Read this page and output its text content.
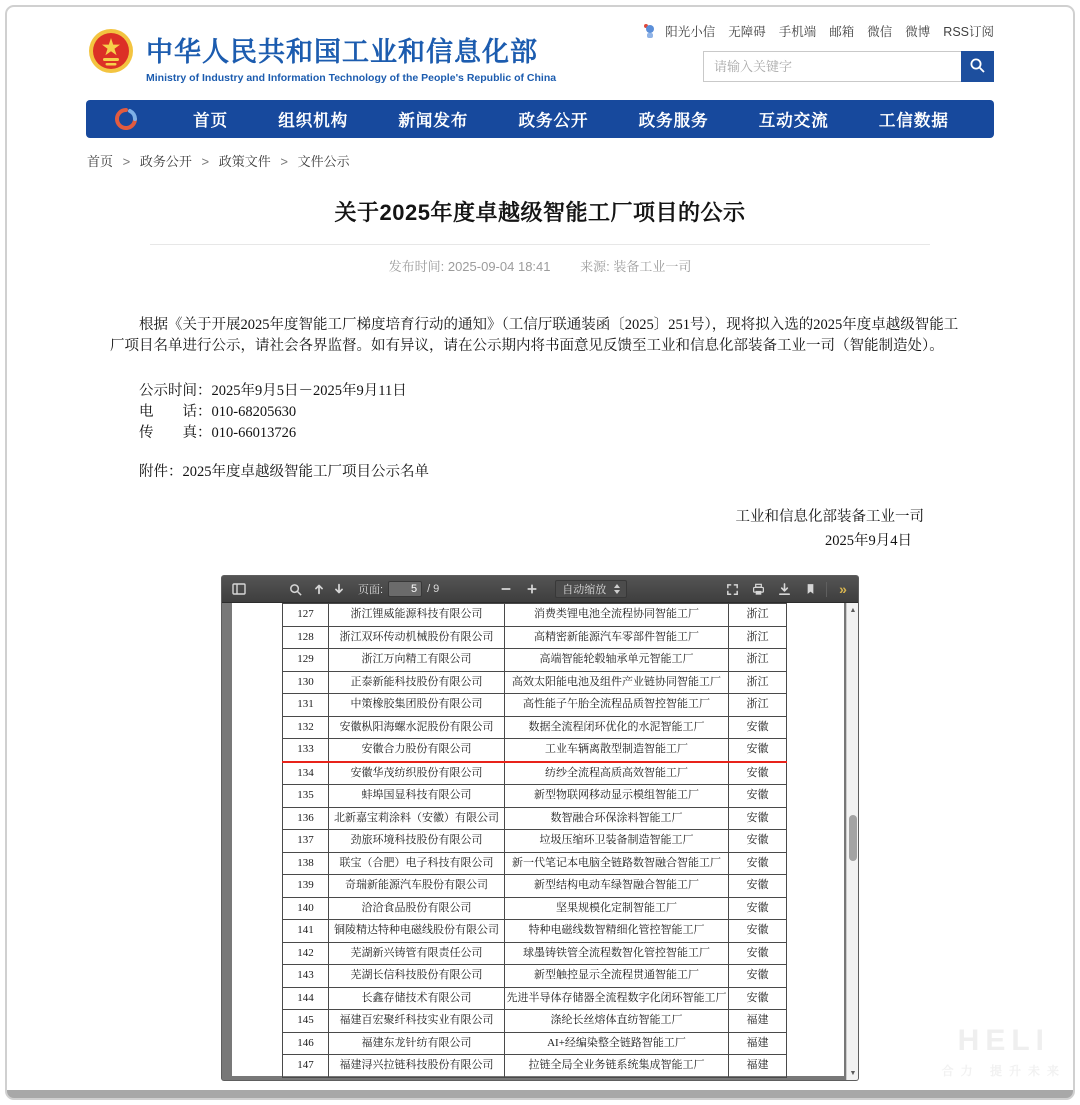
中华人民共和国工业和信息化部
Ministry of Industry and Information Technology of the People's Republic of China
阳光小信 无障碍 手机端 邮箱 微信 微博 RSS订阅
请输入关键字
首页	组织机构	新闻发布	政务公开	政务服务	互动交流	工信数据
首页 > 政务公开 > 政策文件 > 文件公示
关于2025年度卓越级智能工厂项目的公示
发布时间: 2025-09-04 18:41 来源: 装备工业一司

根据《关于开展2025年度智能工厂梯度培育行动的通知》（工信厅联通装函〔2025〕251号），现将拟入选的2025年度卓越级智能工厂项目名单进行公示，请社会各界监督。如有异议，请在公示期内将书面意见反馈至工业和信息化部装备工业一司（智能制造处）。

公示时间：2025年9月5日－2025年9月11日

电　　话：010-68205630

传　　真：010-66013726

附件：2025年度卓越级智能工厂项目公示名单

工业和信息化部装备工业一司

2025年9月4日

页面:
5	/ 9	自动缩放	»
127	浙江锂威能源科技有限公司	消费类锂电池全流程协同智能工厂	浙江
128	浙江双环传动机械股份有限公司	高精密新能源汽车零部件智能工厂	浙江
129	浙江万向精工有限公司	高端智能轮毂轴承单元智能工厂	浙江
130	正泰新能科技股份有限公司	高效太阳能电池及组件产业链协同智能工厂	浙江
131	中策橡胶集团股份有限公司	高性能子午胎全流程品质智控智能工厂	浙江
132	安徽枞阳海螺水泥股份有限公司	数据全流程闭环优化的水泥智能工厂	安徽
133	安徽合力股份有限公司	工业车辆离散型制造智能工厂	安徽
134	安徽华茂纺织股份有限公司	纺纱全流程高质高效智能工厂	安徽
135	蚌埠国显科技有限公司	新型物联网移动显示模组智能工厂	安徽
136	北新嘉宝莉涂料（安徽）有限公司	数智融合环保涂料智能工厂	安徽
137	劲旅环境科技股份有限公司	垃圾压缩环卫装备制造智能工厂	安徽
138	联宝（合肥）电子科技有限公司	新一代笔记本电脑全链路数智融合智能工厂	安徽
139	奇瑞新能源汽车股份有限公司	新型结构电动车绿智融合智能工厂	安徽
140	洽洽食品股份有限公司	坚果规模化定制智能工厂	安徽
141	铜陵精达特种电磁线股份有限公司	特种电磁线数智精细化管控智能工厂	安徽
142	芜湖新兴铸管有限责任公司	球墨铸铁管全流程数智化管控智能工厂	安徽
143	芜湖长信科技股份有限公司	新型触控显示全流程贯通智能工厂	安徽
144	长鑫存储技术有限公司	先进半导体存储器全流程数字化闭环智能工厂	安徽
145	福建百宏聚纤科技实业有限公司	涤纶长丝熔体直纺智能工厂	福建
146	福建东龙针纺有限公司	AI+经编染整全链路智能工厂	福建
147	福建浔兴拉链科技股份有限公司	拉链全局全业务链系统集成智能工厂	福建
▲
▼
HELI
合力 提升未来
